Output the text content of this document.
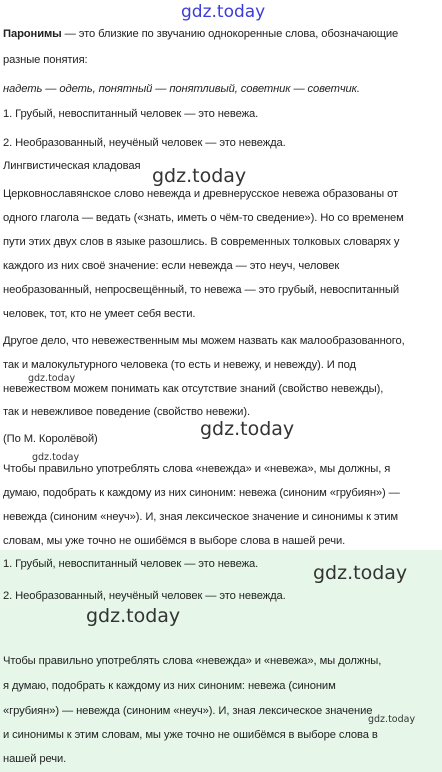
gdz.today

Паронимы — это близкие по звучанию однокоренные слова, обозначающие

разные понятия:

надеть — одеть, понятный — понятливый, советник — советчик.

1. Грубый, невоспитанный человек — это невежа.

2. Необразованный, неучёный человек — это невежда.

Лингвистическая кладовая gdz.today

Церковнославянское слово невежда и древнерусское невежа образованы от

одного глагола — ведать («знать, иметь о чём-то сведение»). Но со временем

пути этих двух слов в языке разошлись. В современных толковых словарях у

каждого из них своё значение: если невежда — это неуч, человек

необразованный, непросвещённый, то невежа — это грубый, невоспитанный

человек, тот, кто не умеет себя вести.

Другое дело, что невежественным мы можем назвать как малообразованного,

так и малокультурного человека (то есть и невежу, и невежду). И под

gdz.today

невежеством можем понимать как отсутствие знаний (свойство невежды),

так и невежливое поведение (свойство невежи).

gdz.today

(По М. Королёвой)

gdz.today

Чтобы правильно употреблять слова «невежда» и «невежа», мы должны, я

думаю, подобрать к каждому из них синоним: невежа (синоним «грубиян») —

невежда (синоним «неуч»). И, зная лексическое значение и синонимы к этим

словам, мы уже точно не ошибёмся в выборе слова в нашей речи.

1. Грубый, невоспитанный человек — это невежа.	gdz.today

2. Необразованный, неучёный человек — это невежда.

gdz.today

Чтобы правильно употреблять слова «невежда» и «невежа», мы должны,

я думаю, подобрать к каждому из них синоним: невежа (синоним

«грубиян») — невежда (синоним «неуч»). И, зная лексическое значение

gdz.today

и синонимы к этим словам, мы уже точно не ошибёмся в выборе слова в

нашей речи.
